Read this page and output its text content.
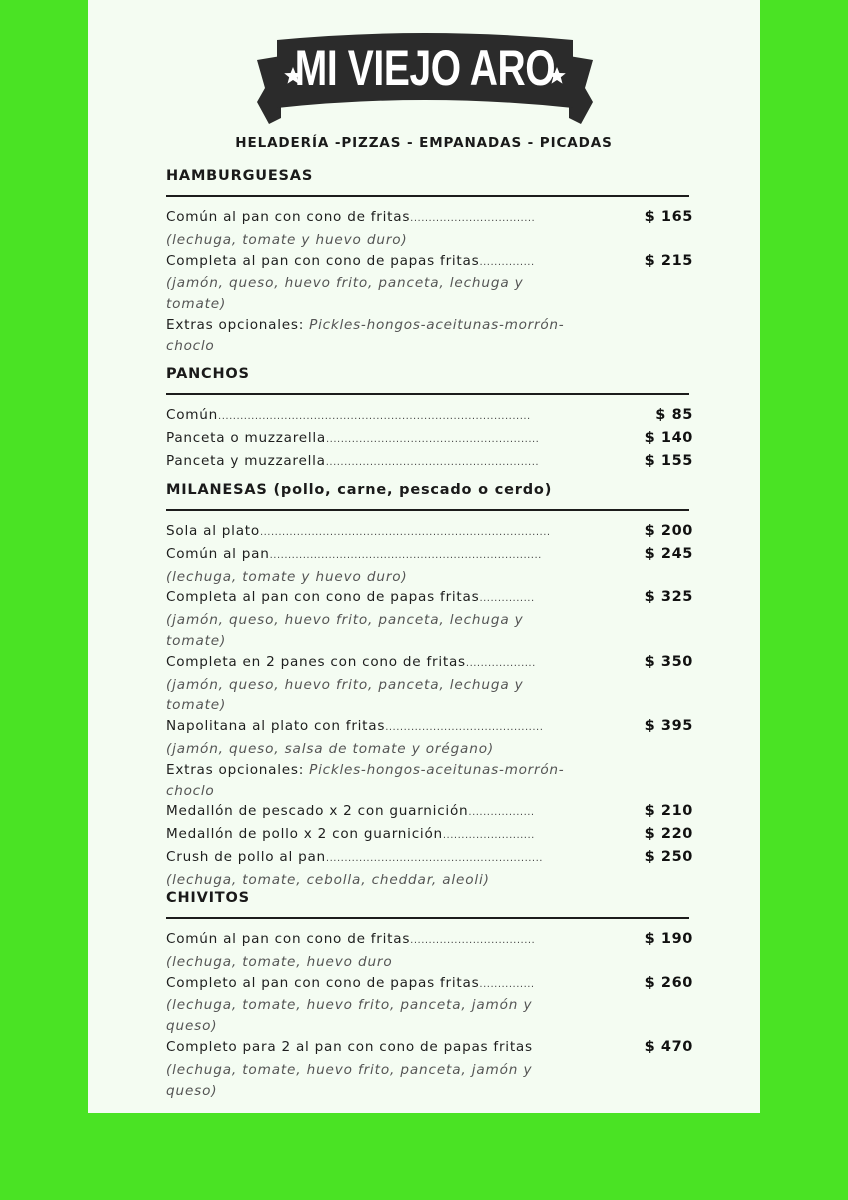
MI VIEJO ARO
HELADERÍA -PIZZAS - EMPANADAS - PICADAS
HAMBURGUESAS
Común al pan con cono de fritas..................................	$ 165
(lechuga, tomate y huevo duro)
Completa al pan con cono de papas fritas...............	$ 215
(jamón, queso, huevo frito, panceta, lechuga y tomate)
Extras opcionales: Pickles-hongos-aceitunas-morrón-choclo
PANCHOS
Común.....................................................................................	$ 85
Panceta o muzzarella..........................................................	$ 140
Panceta y muzzarella..........................................................	$ 155
MILANESAS (pollo, carne, pescado o cerdo)
Sola al plato...............................................................................	$ 200
Común al pan..........................................................................	$ 245
(lechuga, tomate y huevo duro)
Completa al pan con cono de papas fritas...............	$ 325
(jamón, queso, huevo frito, panceta, lechuga y tomate)
Completa en 2 panes con cono de fritas...................	$ 350
(jamón, queso, huevo frito, panceta, lechuga y tomate)
Napolitana al plato con fritas...........................................	$ 395
(jamón, queso, salsa de tomate y orégano)
Extras opcionales: Pickles-hongos-aceitunas-morrón-choclo
Medallón de pescado x 2 con guarnición..................	$ 210
Medallón de pollo x 2 con guarnición.........................	$ 220
Crush de pollo al pan...........................................................	$ 250
(lechuga, tomate, cebolla, cheddar, aleoli)
CHIVITOS
Común al pan con cono de fritas..................................	$ 190
(lechuga, tomate, huevo duro
Completo al pan con cono de papas fritas...............	$ 260
(lechuga, tomate, huevo frito, panceta, jamón y queso)
Completo para 2 al pan con cono de papas fritas	$ 470
(lechuga, tomate, huevo frito, panceta, jamón y queso)
